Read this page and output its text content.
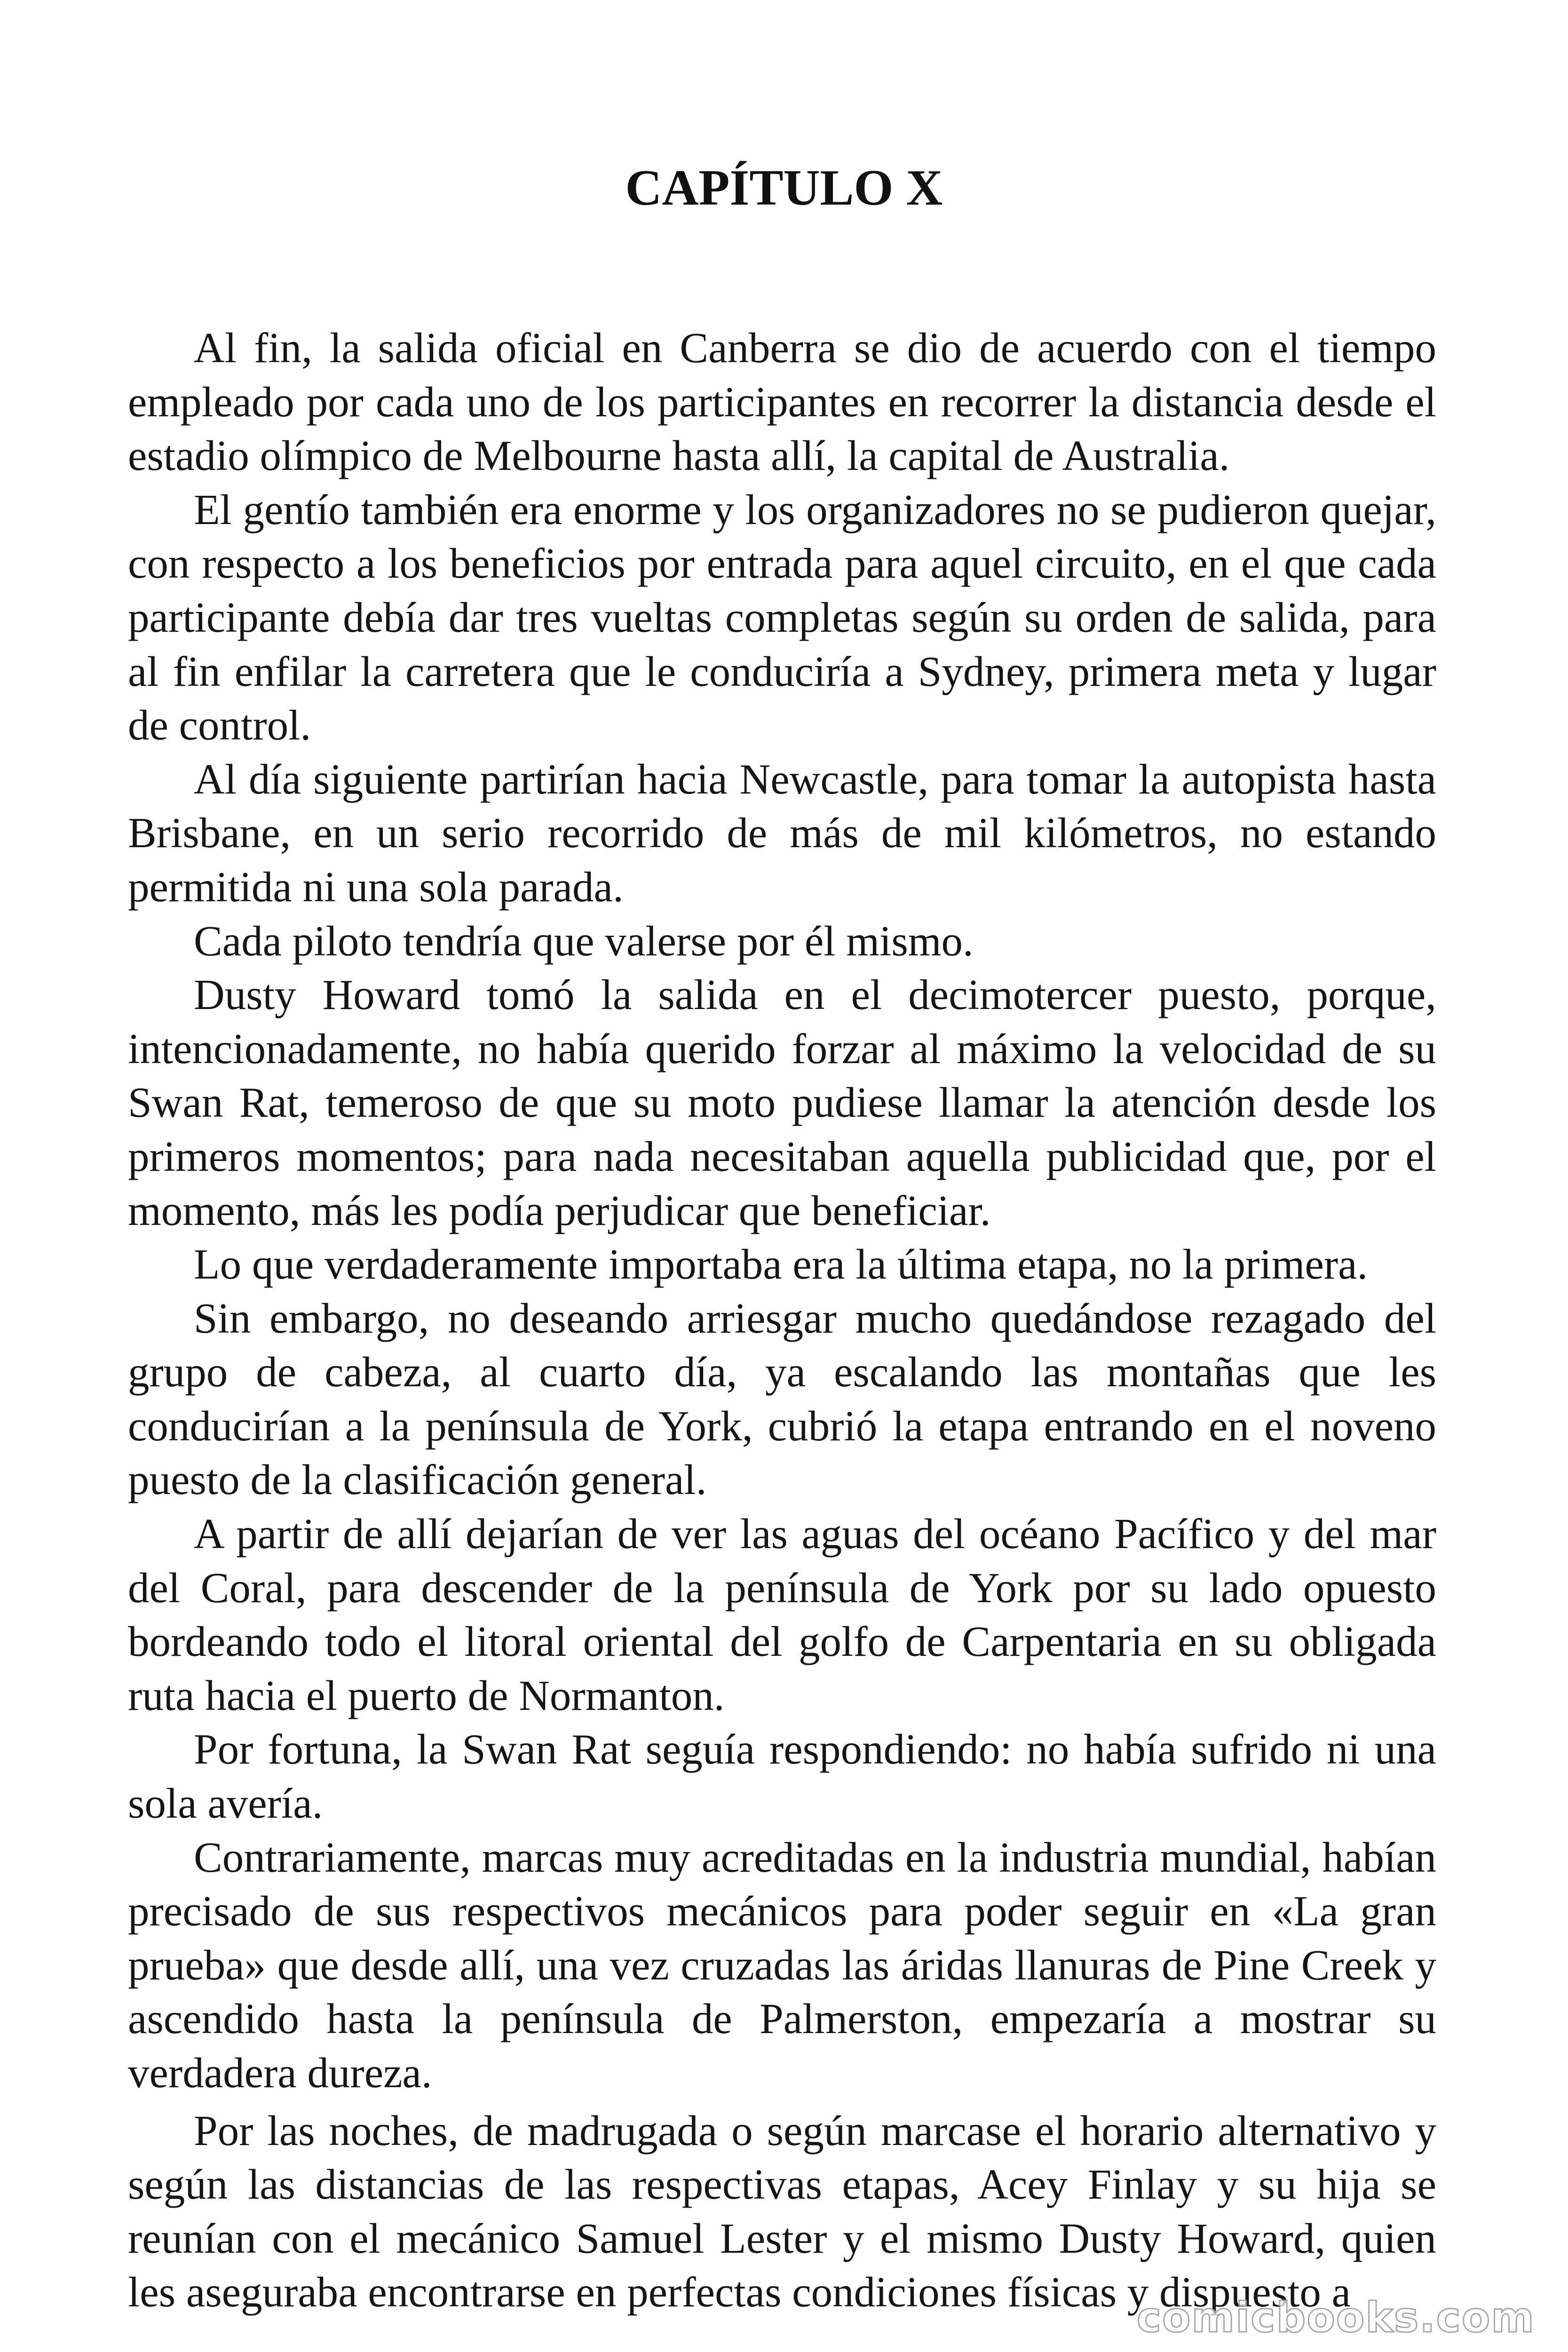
CAPÍTULO X

Al fin, la salida oficial en Canberra se dio de acuerdo con el tiempo empleado por cada uno de los participantes en recorrer la distancia desde el estadio olímpico de Melbourne hasta allí, la capital de Australia.

El gentío también era enorme y los organizadores no se pudieron quejar, con respecto a los beneficios por entrada para aquel circuito, en el que cada participante debía dar tres vueltas completas según su orden de salida, para al fin enfilar la carretera que le conduciría a Sydney, primera meta y lugar de control.

Al día siguiente partirían hacia Newcastle, para tomar la autopista hasta Brisbane, en un serio recorrido de más de mil kilómetros, no estando permitida ni una sola parada.

Cada piloto tendría que valerse por él mismo.

Dusty Howard tomó la salida en el decimotercer puesto, porque, intencionadamente, no había querido forzar al máximo la velocidad de su Swan Rat, temeroso de que su moto pudiese llamar la atención desde los primeros momentos; para nada necesitaban aquella publicidad que, por el momento, más les podía perjudicar que beneficiar.

Lo que verdaderamente importaba era la última etapa, no la primera.

Sin embargo, no deseando arriesgar mucho quedándose rezagado del grupo de cabeza, al cuarto día, ya escalando las montañas que les conducirían a la península de York, cubrió la etapa entrando en el noveno puesto de la clasificación general.

A partir de allí dejarían de ver las aguas del océano Pacífico y del mar del Coral, para descender de la península de York por su lado opuesto bordeando todo el litoral oriental del golfo de Carpentaria en su obligada ruta hacia el puerto de Normanton.

Por fortuna, la Swan Rat seguía respondiendo: no había sufrido ni una sola avería.

Contrariamente, marcas muy acreditadas en la industria mundial, habían precisado de sus respectivos mecánicos para poder seguir en «La gran prueba» que desde allí, una vez cruzadas las áridas llanuras de Pine Creek y ascendido hasta la península de Palmerston, empezaría a mostrar su verdadera dureza.

Por las noches, de madrugada o según marcase el horario alternativo y según las distancias de las respectivas etapas, Acey Finlay y su hija se reunían con el mecánico Samuel Lester y el mismo Dusty Howard, quien les aseguraba encontrarse en perfectas condiciones físicas y dispuesto a

comicbooks.com
